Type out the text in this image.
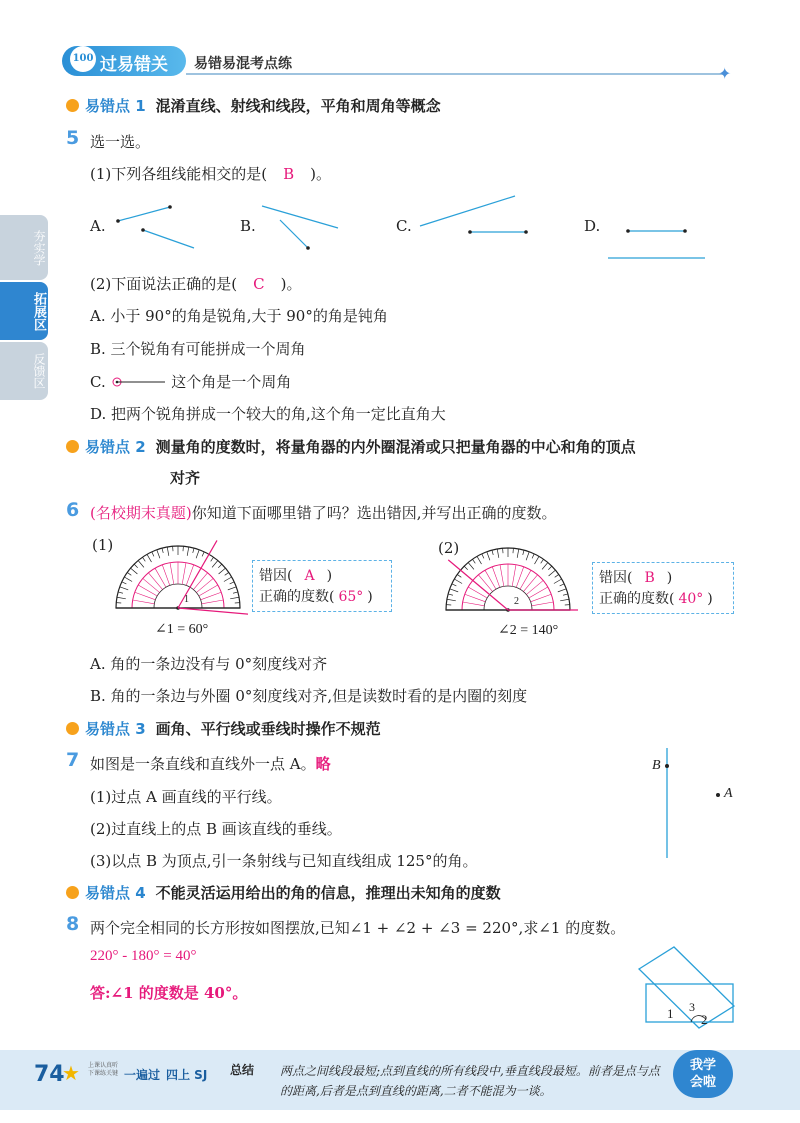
100 过易错关 易错易混考点练	✦
夯实学
拓展区
反馈区
易错点 1 混淆直线、射线和线段，平角和周角等概念
5 选一选。
(1)下列各组线能相交的是( B )。
A.	B.	C.	D.
(2)下面说法正确的是( C )。
A. 小于 90°的角是锐角,大于 90°的角是钝角
B. 三个锐角有可能拼成一个周角
C.	这个角是一个周角
D. 把两个锐角拼成一个较大的角,这个角一定比直角大
易错点 2 测量角的度数时，将量角器的内外圈混淆或只把量角器的中心和角的顶点
对齐
6 (名校期末真题)你知道下面哪里错了吗？选出错因,并写出正确的度数。
(1)	(2)
1	2
∠1 = 60°	∠2 = 140°
错因( A )
正确的度数( 65° )
错因( B )
正确的度数( 40° )
A. 角的一条边没有与 0°刻度线对齐
B. 角的一条边与外圈 0°刻度线对齐,但是读数时看的是内圈的刻度
易错点 3 画角、平行线或垂线时操作不规范
7 如图是一条直线和直线外一点 A。略
(1)过点 A 画直线的平行线。
(2)过直线上的点 B 画该直线的垂线。
(3)以点 B 为顶点,引一条射线与已知直线组成 125°的角。
B
A
易错点 4 不能灵活运用给出的角的信息，推理出未知角的度数
8 两个完全相同的长方形按如图摆放,已知∠1 + ∠2 + ∠3 = 220°,求∠1 的度数。
220° - 180° = 40°
答:∠1 的度数是 40°。
1 3
2
74
★	上课认真听 下课练关键 一遍过 四上 SJ 总结 两点之间线段最短;点到直线的所有线段中,垂直线段最短。前者是点与点的距离,后者是点到直线的距离,二者不能混为一谈。
我学
会啦
